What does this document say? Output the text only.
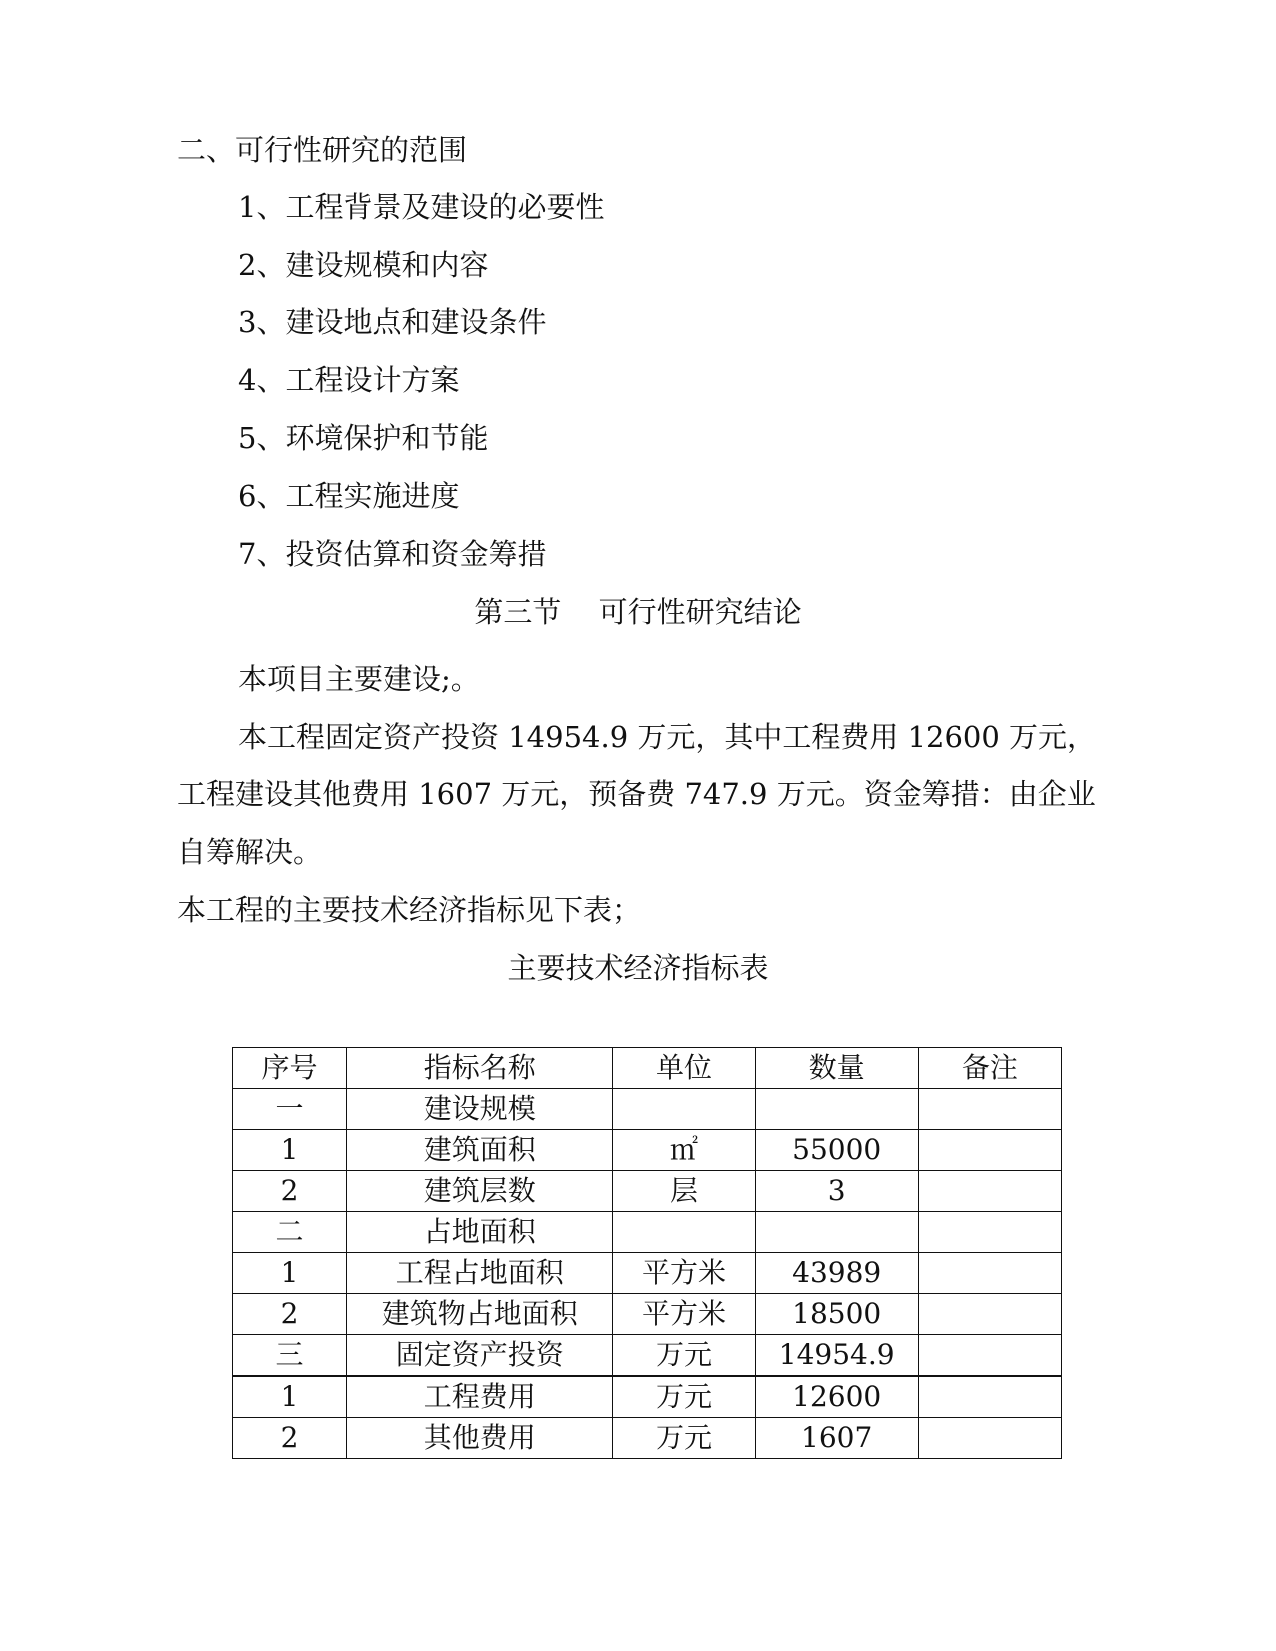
二、可行性研究的范围
1、工程背景及建设的必要性
2、建设规模和内容
3、建设地点和建设条件
4、工程设计方案
5、环境保护和节能
6、工程实施进度
7、投资估算和资金筹措
第三节 可行性研究结论
本项目主要建设;。
本工程固定资产投资 14954.9 万元，其中工程费用 12600 万元，
工程建设其他费用 1607 万元，预备费 747.9 万元。资金筹措：由企业
自筹解决。
本工程的主要技术经济指标见下表；
主要技术经济指标表
序号	指标名称	单位	数量	备注
一	建设规模			
1	建筑面积	㎡	55000	
2	建筑层数	层	3	
二	占地面积			
1	工程占地面积	平方米	43989	
2	建筑物占地面积	平方米	18500	
三	固定资产投资	万元	14954.9	
1	工程费用	万元	12600	
2	其他费用	万元	1607	
